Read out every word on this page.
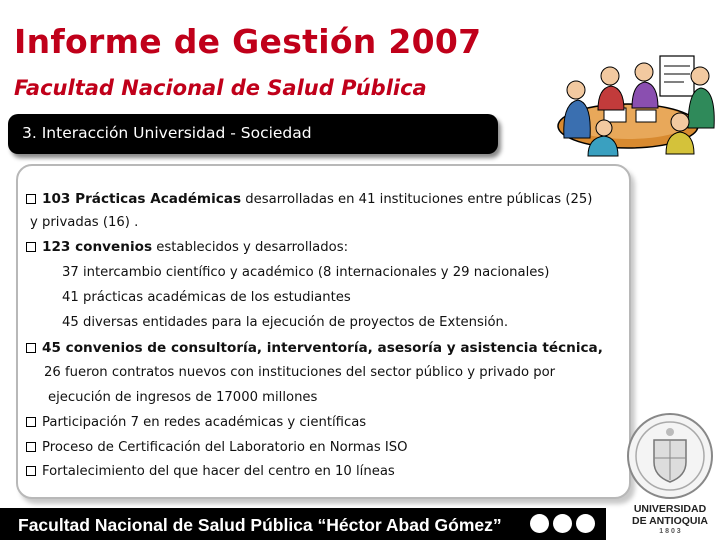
Informe de Gestión 2007
Facultad Nacional de Salud Pública
3. Interacción Universidad - Sociedad
103 Prácticas Académicas desarrolladas en 41 instituciones entre públicas (25)
y privadas (16) .
123 convenios establecidos y desarrollados:
37 intercambio científico y académico (8 internacionales y 29 nacionales)
41 prácticas académicas de los estudiantes
45 diversas entidades para la ejecución de proyectos de Extensión.
45 convenios de consultoría, interventoría, asesoría y asistencia técnica,
26 fueron contratos nuevos con instituciones del sector público y privado por
ejecución de ingresos de 17000 millones
Participación 7 en redes académicas y científicas
Proceso de Certificación del Laboratorio en Normas ISO
Fortalecimiento del que hacer del centro en 10 líneas
Facultad Nacional de Salud Pública “Héctor Abad Gómez”
UNIVERSIDAD
DE ANTIOQUIA
1 8 0 3
